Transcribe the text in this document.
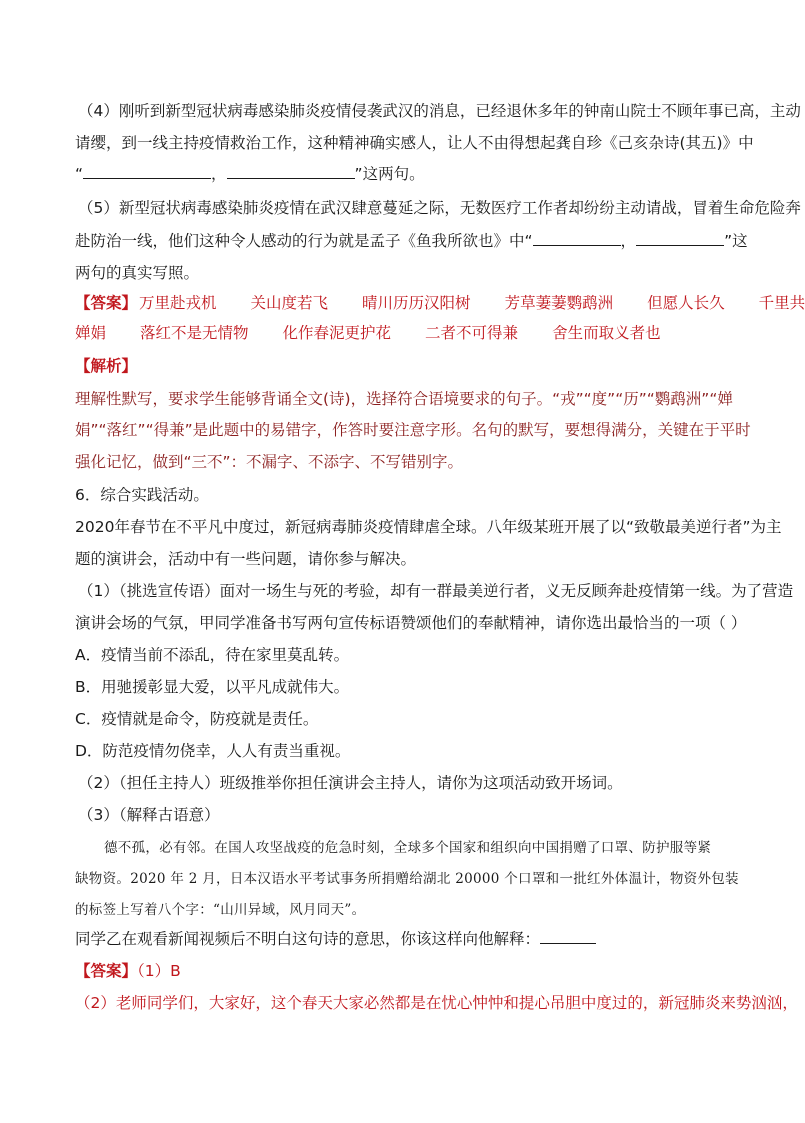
（4）刚听到新型冠状病毒感染肺炎疫情侵袭武汉的消息，已经退休多年的钟南山院士不顾年事已高，主动
请缨，到一线主持疫情救治工作，这种精神确实感人，让人不由得想起龚自珍《己亥杂诗(其五)》中
“	，	”这两句。
（5）新型冠状病毒感染肺炎疫情在武汉肆意蔓延之际，无数医疗工作者却纷纷主动请战，冒着生命危险奔
赴防治一线，他们这种令人感动的行为就是孟子《鱼我所欲也》中“	，	”这
两句的真实写照。
【答案】 万里赴戎机 关山度若飞 晴川历历汉阳树 芳草萋萋鹦鹉洲 但愿人长久 千里共
婵娟 落红不是无情物 化作春泥更护花 二者不可得兼 舍生而取义者也
【解析】
理解性默写，要求学生能够背诵全文(诗)，选择符合语境要求的句子。“戎”“度”“历”“鹦鹉洲”“婵
娟”“落红”“得兼”是此题中的易错字，作答时要注意字形。名句的默写，要想得满分，关键在于平时
强化记忆，做到“三不”：不漏字、不添字、不写错别字。
6．综合实践活动。
2020年春节在不平凡中度过，新冠病毒肺炎疫情肆虐全球。八年级某班开展了以“致敬最美逆行者”为主
题的演讲会，活动中有一些问题，请你参与解决。
（1）（挑选宣传语）面对一场生与死的考验，却有一群最美逆行者，义无反顾奔赴疫情第一线。为了营造
演讲会场的气氛，甲同学准备书写两句宣传标语赞颂他们的奉献精神，请你选出最恰当的一项（ ）
A．疫情当前不添乱，待在家里莫乱转。
B．用驰援彰显大爱，以平凡成就伟大。
C．疫情就是命令，防疫就是责任。
D．防范疫情勿侥幸，人人有责当重视。
（2）（担任主持人）班级推举你担任演讲会主持人，请你为这项活动致开场词。
（3）（解释古语意）
德不孤，必有邻。在国人攻坚战疫的危急时刻，全球多个国家和组织向中国捐赠了口罩、防护服等紧
缺物资。2020 年 2 月，日本汉语水平考试事务所捐赠给湖北 20000 个口罩和一批红外体温计，物资外包装
的标签上写着八个字：“山川异域，风月同天”。
同学乙在观看新闻视频后不明白这句诗的意思，你该这样向他解释：
【答案】（1）B
（2）老师同学们，大家好，这个春天大家必然都是在忧心忡忡和提心吊胆中度过的，新冠肺炎来势汹汹，
